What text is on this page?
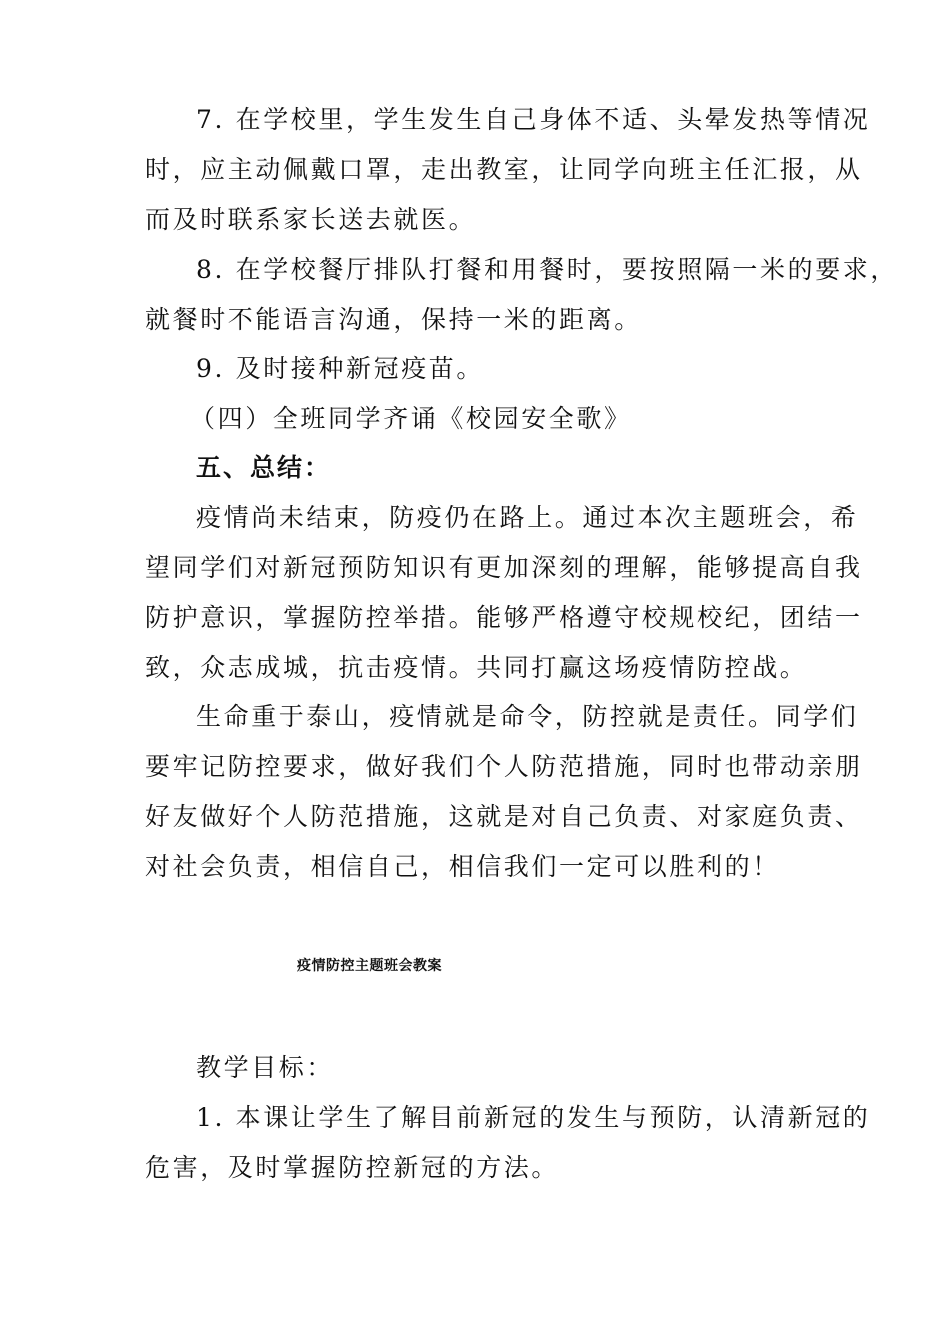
7. 在学校里，学生发生自己身体不适、头晕发热等情况
时，应主动佩戴口罩，走出教室，让同学向班主任汇报，从
而及时联系家长送去就医。
8. 在学校餐厅排队打餐和用餐时，要按照隔一米的要求，
就餐时不能语言沟通，保持一米的距离。
9. 及时接种新冠疫苗。
（四）全班同学齐诵《校园安全歌》
五、总结：
疫情尚未结束，防疫仍在路上。通过本次主题班会，希
望同学们对新冠预防知识有更加深刻的理解，能够提高自我
防护意识，掌握防控举措。能够严格遵守校规校纪，团结一
致，众志成城，抗击疫情。共同打赢这场疫情防控战。
生命重于泰山，疫情就是命令，防控就是责任。同学们
要牢记防控要求，做好我们个人防范措施，同时也带动亲朋
好友做好个人防范措施，这就是对自己负责、对家庭负责、
对社会负责，相信自己，相信我们一定可以胜利的！
疫情防控主题班会教案
教学目标：
1. 本课让学生了解目前新冠的发生与预防，认清新冠的
危害，及时掌握防控新冠的方法。
